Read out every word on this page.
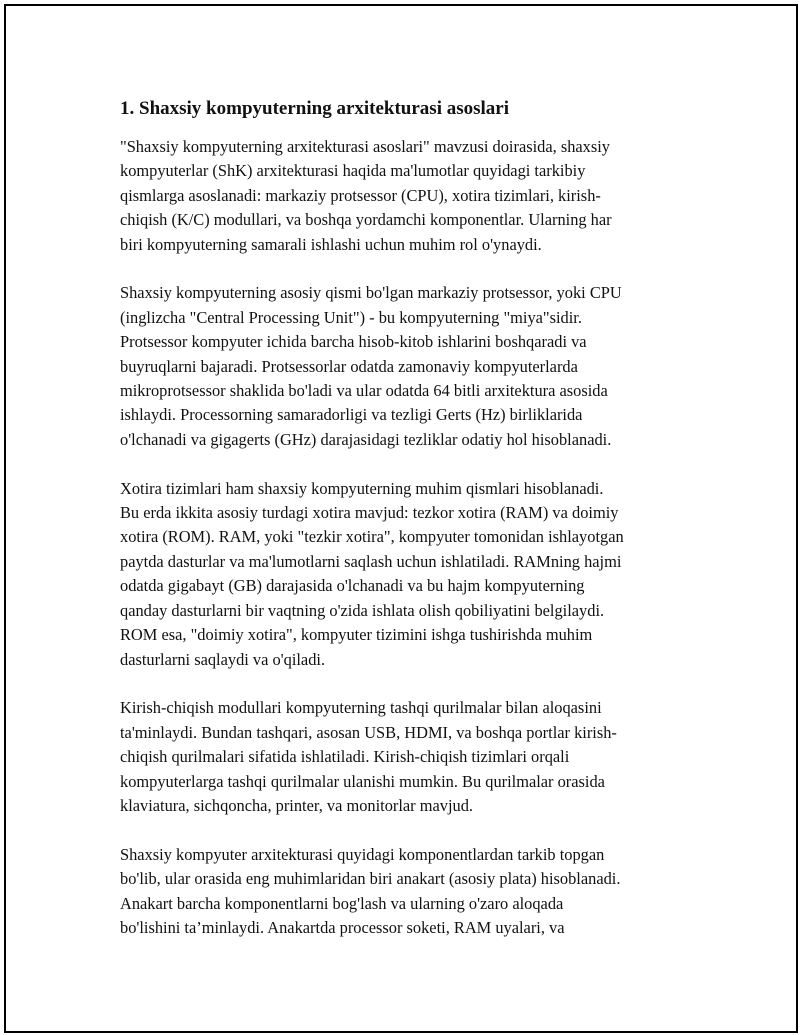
1. Shaxsiy kompyuterning arxitekturasi asoslari

"Shaxsiy kompyuterning arxitekturasi asoslari" mavzusi doirasida, shaxsiy
kompyuterlar (ShK) arxitekturasi haqida ma'lumotlar quyidagi tarkibiy
qismlarga asoslanadi: markaziy protsessor (CPU), xotira tizimlari, kirish-
chiqish (K/C) modullari, va boshqa yordamchi komponentlar. Ularning har
biri kompyuterning samarali ishlashi uchun muhim rol o'ynaydi.

Shaxsiy kompyuterning asosiy qismi bo'lgan markaziy protsessor, yoki CPU
(inglizcha "Central Processing Unit") - bu kompyuterning "miya"sidir.
Protsessor kompyuter ichida barcha hisob-kitob ishlarini boshqaradi va
buyruqlarni bajaradi. Protsessorlar odatda zamonaviy kompyuterlarda
mikroprotsessor shaklida bo'ladi va ular odatda 64 bitli arxitektura asosida
ishlaydi. Processorning samaradorligi va tezligi Gerts (Hz) birliklarida
o'lchanadi va gigagerts (GHz) darajasidagi tezliklar odatiy hol hisoblanadi.

Xotira tizimlari ham shaxsiy kompyuterning muhim qismlari hisoblanadi.
Bu erda ikkita asosiy turdagi xotira mavjud: tezkor xotira (RAM) va doimiy
xotira (ROM). RAM, yoki "tezkir xotira", kompyuter tomonidan ishlayotgan
paytda dasturlar va ma'lumotlarni saqlash uchun ishlatiladi. RAMning hajmi
odatda gigabayt (GB) darajasida o'lchanadi va bu hajm kompyuterning
qanday dasturlarni bir vaqtning o'zida ishlata olish qobiliyatini belgilaydi.
ROM esa, "doimiy xotira", kompyuter tizimini ishga tushirishda muhim
dasturlarni saqlaydi va o'qiladi.

Kirish-chiqish modullari kompyuterning tashqi qurilmalar bilan aloqasini
ta'minlaydi. Bundan tashqari, asosan USB, HDMI, va boshqa portlar kirish-
chiqish qurilmalari sifatida ishlatiladi. Kirish-chiqish tizimlari orqali
kompyuterlarga tashqi qurilmalar ulanishi mumkin. Bu qurilmalar orasida
klaviatura, sichqoncha, printer, va monitorlar mavjud.

Shaxsiy kompyuter arxitekturasi quyidagi komponentlardan tarkib topgan
bo'lib, ular orasida eng muhimlaridan biri anakart (asosiy plata) hisoblanadi.
Anakart barcha komponentlarni bog'lash va ularning o'zaro aloqada
bo'lishini ta’minlaydi. Anakartda processor soketi, RAM uyalari, va
